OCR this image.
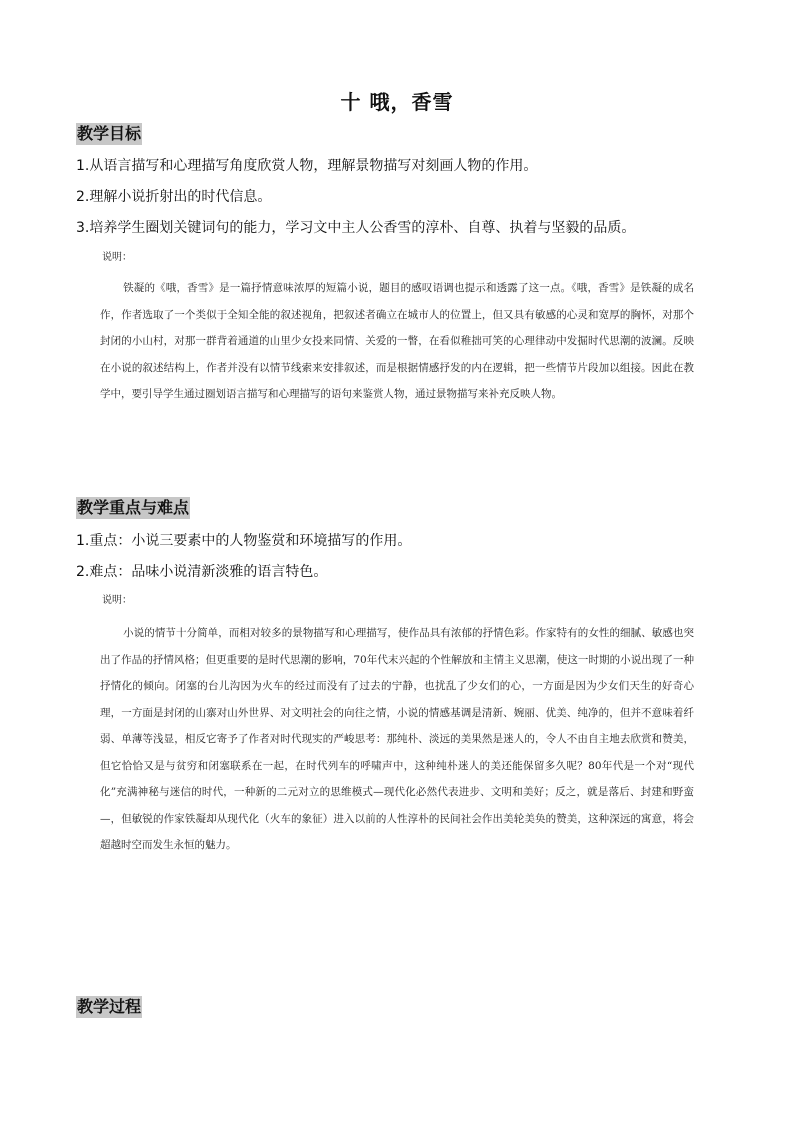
十 哦，香雪
教学目标
1.从语言描写和心理描写角度欣赏人物，理解景物描写对刻画人物的作用。
2.理解小说折射出的时代信息。
3.培养学生圈划关键词句的能力，学习文中主人公香雪的淳朴、自尊、执着与坚毅的品质。
说明：
铁凝的《哦，香雪》是一篇抒情意味浓厚的短篇小说，题目的感叹语调也提示和透露了这一点。《哦，香雪》是铁凝的成名作，作者选取了一个类似于全知全能的叙述视角，把叙述者确立在城市人的位置上，但又具有敏感的心灵和宽厚的胸怀，对那个封闭的小山村，对那一群背着通道的山里少女投来同情、关爱的一瞥，在看似稚拙可笑的心理律动中发掘时代思潮的波澜。反映在小说的叙述结构上，作者并没有以情节线索来安排叙述，而是根据情感抒发的内在逻辑，把一些情节片段加以组接。因此在教学中，要引导学生通过圈划语言描写和心理描写的语句来鉴赏人物，通过景物描写来补充反映人物。
教学重点与难点
1.重点：小说三要素中的人物鉴赏和环境描写的作用。
2.难点：品味小说清新淡雅的语言特色。
说明：
小说的情节十分简单，而相对较多的景物描写和心理描写，使作品具有浓郁的抒情色彩。作家特有的女性的细腻、敏感也突出了作品的抒情风格；但更重要的是时代思潮的影响，70年代末兴起的个性解放和主情主义思潮，使这一时期的小说出现了一种抒情化的倾向。闭塞的台儿沟因为火车的经过而没有了过去的宁静，也扰乱了少女们的心，一方面是因为少女们天生的好奇心理，一方面是封闭的山寨对山外世界、对文明社会的向往之情，小说的情感基调是清新、婉丽、优美、纯净的，但并不意味着纤弱、单薄等浅显，相反它寄予了作者对时代现实的严峻思考：那纯朴、淡远的美果然是迷人的，令人不由自主地去欣赏和赞美，但它恰恰又是与贫穷和闭塞联系在一起，在时代列车的呼啸声中，这种纯朴迷人的美还能保留多久呢？80年代是一个对“现代化”充满神秘与迷信的时代，一种新的二元对立的思维模式—现代化必然代表进步、文明和美好；反之，就是落后、封建和野蛮—，但敏锐的作家铁凝却从现代化（火车的象征）进入以前的人性淳朴的民间社会作出美轮美奂的赞美，这种深远的寓意，将会超越时空而发生永恒的魅力。
教学过程
